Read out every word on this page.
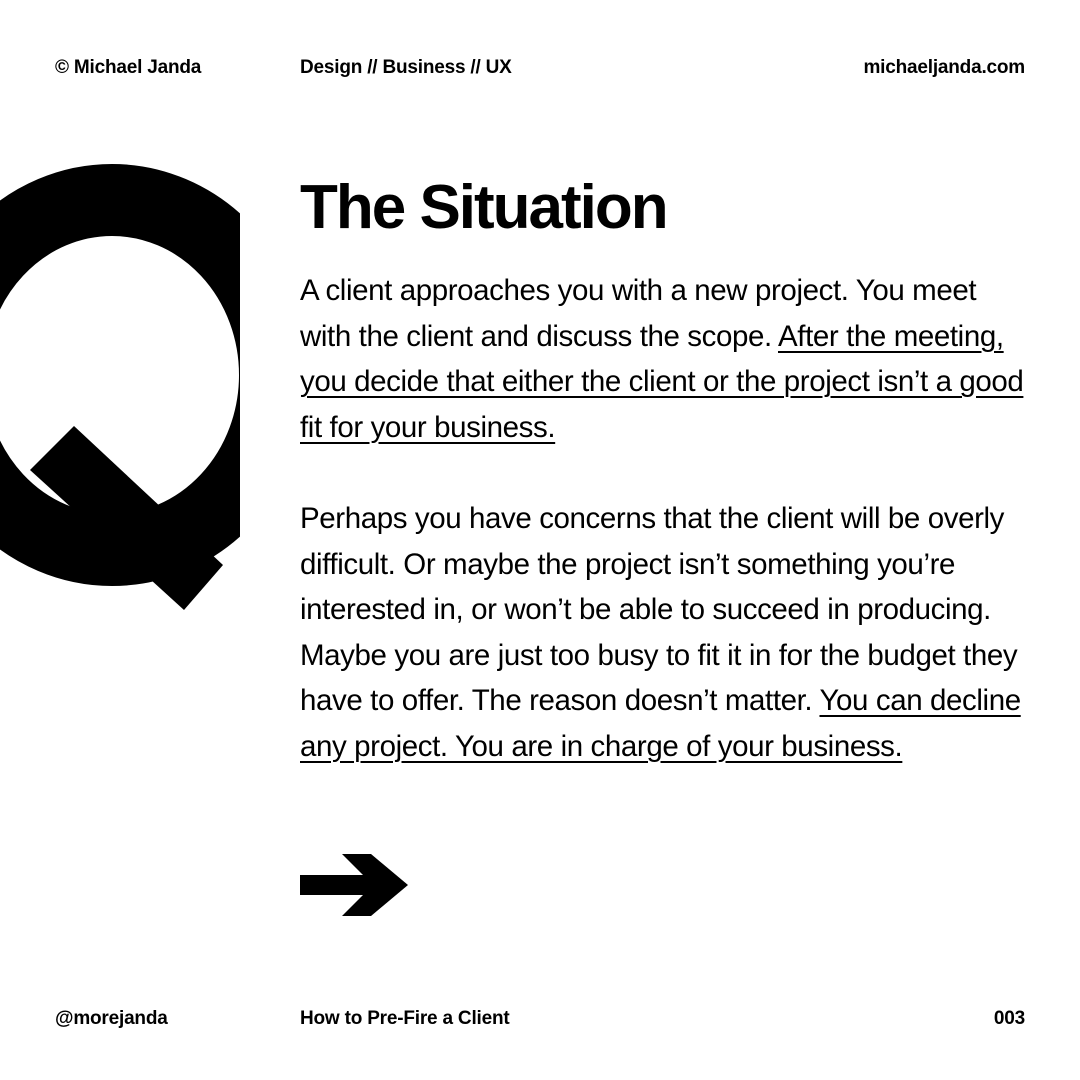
© Michael Janda	Design // Business // UX	michaeljanda.com
The Situation

A client approaches you with a new project. You meet with the client and discuss the scope. After the meeting, you decide that either the client or the project isn’t a good fit for your business.

Perhaps you have concerns that the client will be overly difficult. Or maybe the project isn’t something you’re interested in, or won’t be able to succeed in producing. Maybe you are just too busy to fit it in for the budget they have to offer. The reason doesn’t matter. You can decline any project. You are in charge of your business.

@morejanda	How to Pre-Fire a Client	003
